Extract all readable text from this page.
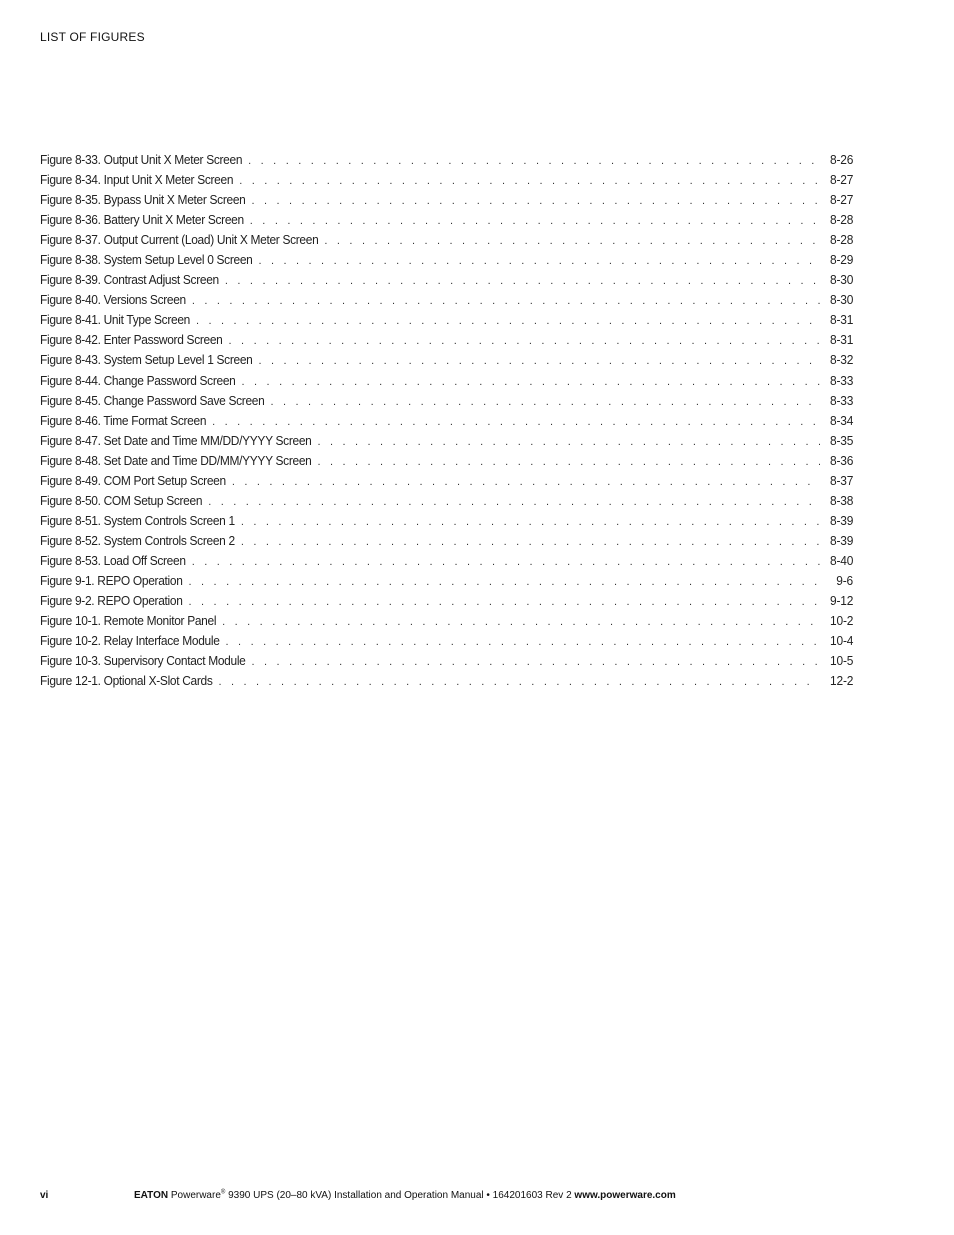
LIST OF FIGURES
Figure 8-33. Output Unit X Meter Screen . . .	8-26
Figure 8-34. Input Unit X Meter Screen . . .	8-27
Figure 8-35. Bypass Unit X Meter Screen . . .	8-27
Figure 8-36. Battery Unit X Meter Screen . . .	8-28
Figure 8-37. Output Current (Load) Unit X Meter Screen . . .	8-28
Figure 8-38. System Setup Level 0 Screen . . .	8-29
Figure 8-39. Contrast Adjust Screen . . .	8-30
Figure 8-40. Versions Screen . . .	8-30
Figure 8-41. Unit Type Screen . . .	8-31
Figure 8-42. Enter Password Screen . . .	8-31
Figure 8-43. System Setup Level 1 Screen . . .	8-32
Figure 8-44. Change Password Screen . . .	8-33
Figure 8-45. Change Password Save Screen . . .	8-33
Figure 8-46. Time Format Screen . . .	8-34
Figure 8-47. Set Date and Time MM/DD/YYYY Screen . . .	8-35
Figure 8-48. Set Date and Time DD/MM/YYYY Screen . . .	8-36
Figure 8-49. COM Port Setup Screen . . .	8-37
Figure 8-50. COM Setup Screen . . .	8-38
Figure 8-51. System Controls Screen 1 . . .	8-39
Figure 8-52. System Controls Screen 2 . . .	8-39
Figure 8-53. Load Off Screen . . .	8-40
Figure 9-1. REPO Operation . . .	9-6
Figure 9-2. REPO Operation . . .	9-12
Figure 10-1. Remote Monitor Panel . . .	10-2
Figure 10-2. Relay Interface Module . . .	10-4
Figure 10-3. Supervisory Contact Module . . .	10-5
Figure 12-1. Optional X-Slot Cards . . .	12-2
vi	EATON Powerware® 9390 UPS (20–80 kVA) Installation and Operation Manual • 164201603 Rev 2 www.powerware.com
